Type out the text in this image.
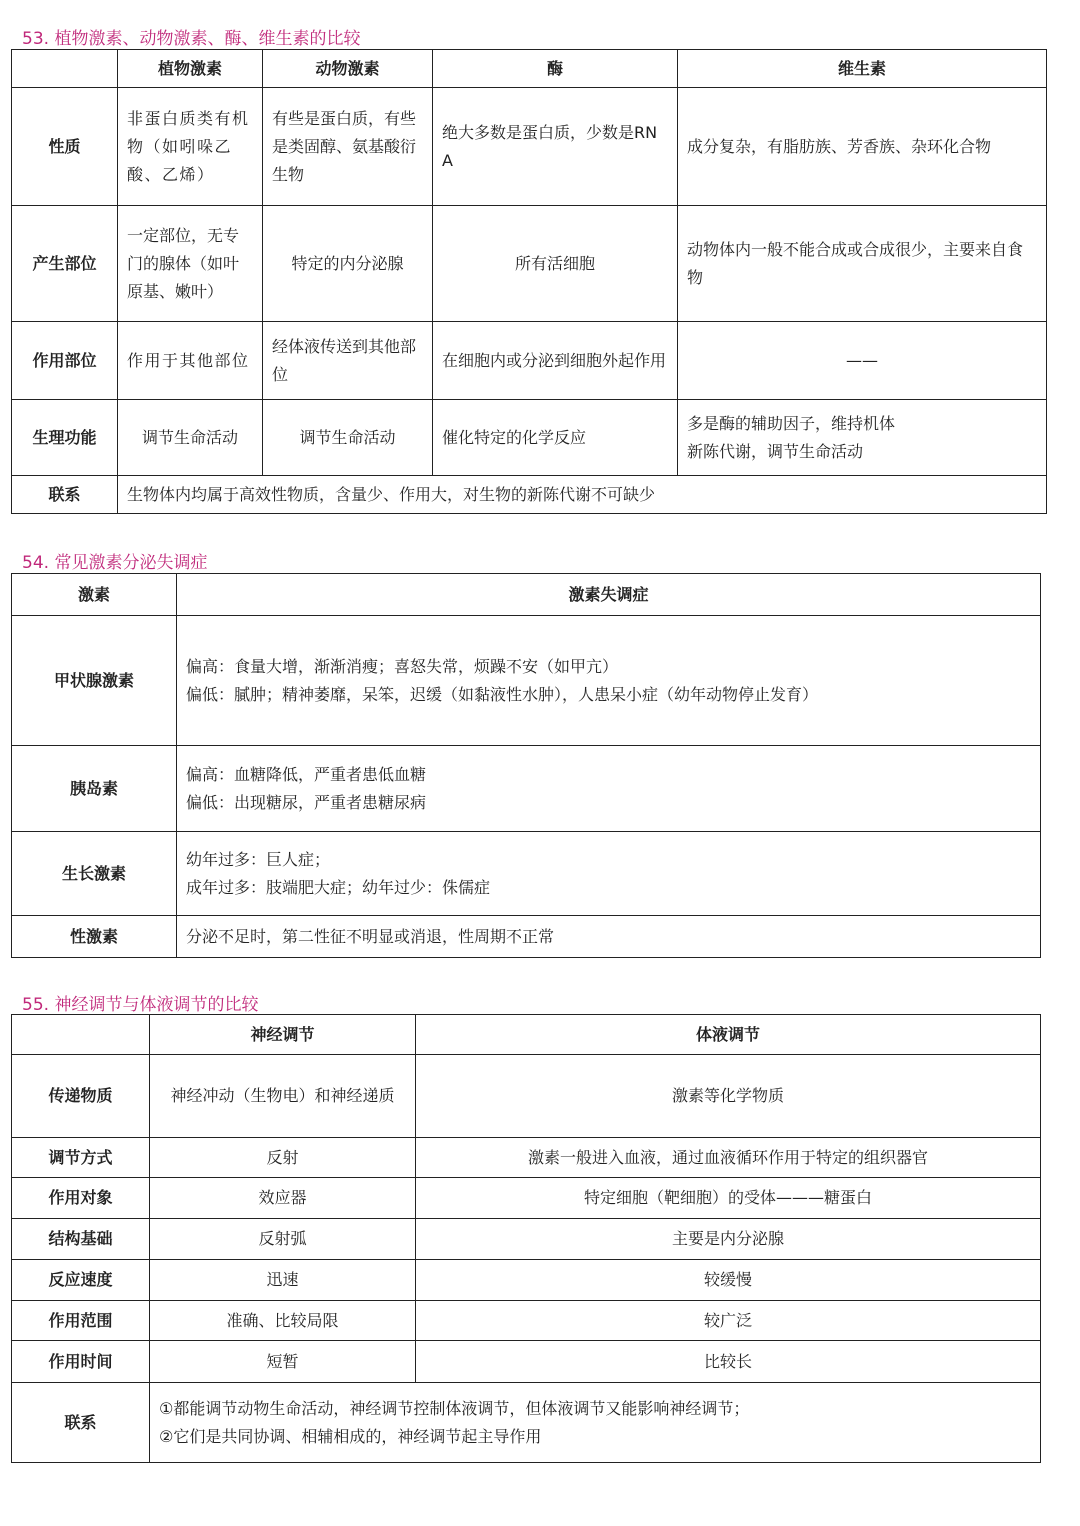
53. 植物激素、动物激素、酶、维生素的比较
	植物激素	动物激素	酶	维生素
性质	非蛋白质类有机物（如吲哚乙酸、乙烯）	有些是蛋白质，有些是类固醇、氨基酸衍生物	绝大多数是蛋白质，少数是RNA	成分复杂，有脂肪族、芳香族、杂环化合物
产生部位	一定部位，无专门的腺体（如叶原基、嫩叶）	特定的内分泌腺	所有活细胞	动物体内一般不能合成或合成很少，主要来自食物
作用部位	作用于其他部位	经体液传送到其他部位	在细胞内或分泌到细胞外起作用	——
生理功能	调节生命活动	调节生命活动	催化特定的化学反应	多是酶的辅助因子，维持机体新陈代谢，调节生命活动
联系	生物体内均属于高效性物质，含量少、作用大，对生物的新陈代谢不可缺少			
54. 常见激素分泌失调症
激素	激素失调症
甲状腺激素	偏高：食量大增，渐渐消瘦；喜怒失常，烦躁不安（如甲亢）
偏低：膩肿；精神萎靡，呆笨，迟缓（如黏液性水肿），人患呆小症（幼年动物停止发育）

胰岛素	偏高：血糖降低，严重者患低血糖
偏低：出现糖尿，严重者患糖尿病

生长激素	幼年过多：巨人症；
成年过多：肢端肥大症；幼年过少：侏儒症

性激素	分泌不足时，第二性征不明显或消退，性周期不正常
55. 神经调节与体液调节的比较
	神经调节	体液调节
传递物质	神经冲动（生物电）和神经递质	激素等化学物质
调节方式	反射	激素一般进入血液，通过血液循环作用于特定的组织器官
作用对象	效应器	特定细胞（靶细胞）的受体———糖蛋白
结构基础	反射弧	主要是内分泌腺
反应速度	迅速	较缓慢
作用范围	准确、比较局限	较广泛
作用时间	短暂	比较长
联系	①都能调节动物生命活动，神经调节控制体液调节，但体液调节又能影响神经调节；
②它们是共同协调、相辅相成的，神经调节起主导作用	
